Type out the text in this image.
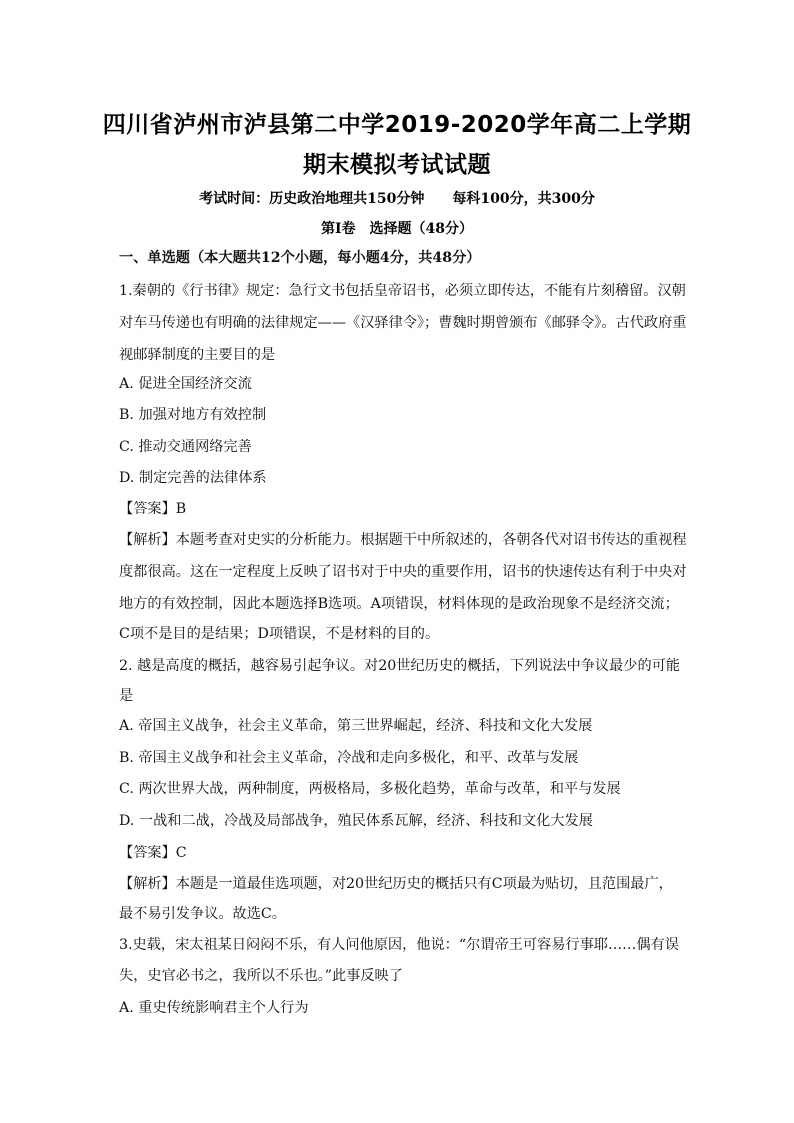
四川省泸州市泸县第二中学2019-2020学年高二上学期
期末模拟考试试题
考试时间：历史政治地理共150分钟　　每科100分，共300分
第Ⅰ卷　选择题（48分）
一、单选题（本大题共12个小题，每小题4分，共48分）
1.秦朝的《行书律》规定：急行文书包括皇帝诏书，必须立即传达，不能有片刻稽留。汉朝
对车马传递也有明确的法律规定——《汉驿律令》；曹魏时期曾颁布《邮驿令》。古代政府重
视邮驿制度的主要目的是
A. 促进全国经济交流
B. 加强对地方有效控制
C. 推动交通网络完善
D. 制定完善的法律体系
【答案】B
【解析】本题考查对史实的分析能力。根据题干中所叙述的，各朝各代对诏书传达的重视程
度都很高。这在一定程度上反映了诏书对于中央的重要作用，诏书的快速传达有利于中央对
地方的有效控制，因此本题选择B选项。A项错误，材料体现的是政治现象不是经济交流；
C项不是目的是结果；D项错误，不是材料的目的。
2. 越是高度的概括，越容易引起争议。对20世纪历史的概括，下列说法中争议最少的可能
是
A. 帝国主义战争，社会主义革命，第三世界崛起，经济、科技和文化大发展
B. 帝国主义战争和社会主义革命，冷战和走向多极化，和平、改革与发展
C. 两次世界大战，两种制度，两极格局，多极化趋势，革命与改革，和平与发展
D. 一战和二战，冷战及局部战争，殖民体系瓦解，经济、科技和文化大发展
【答案】C
【解析】本题是一道最佳选项题，对20世纪历史的概括只有C项最为贴切，且范围最广，
最不易引发争议。故选C。
3.史载，宋太祖某日闷闷不乐，有人问他原因，他说：“尔谓帝王可容易行事耶……偶有误
失，史官必书之，我所以不乐也。”此事反映了
A. 重史传统影响君主个人行为
